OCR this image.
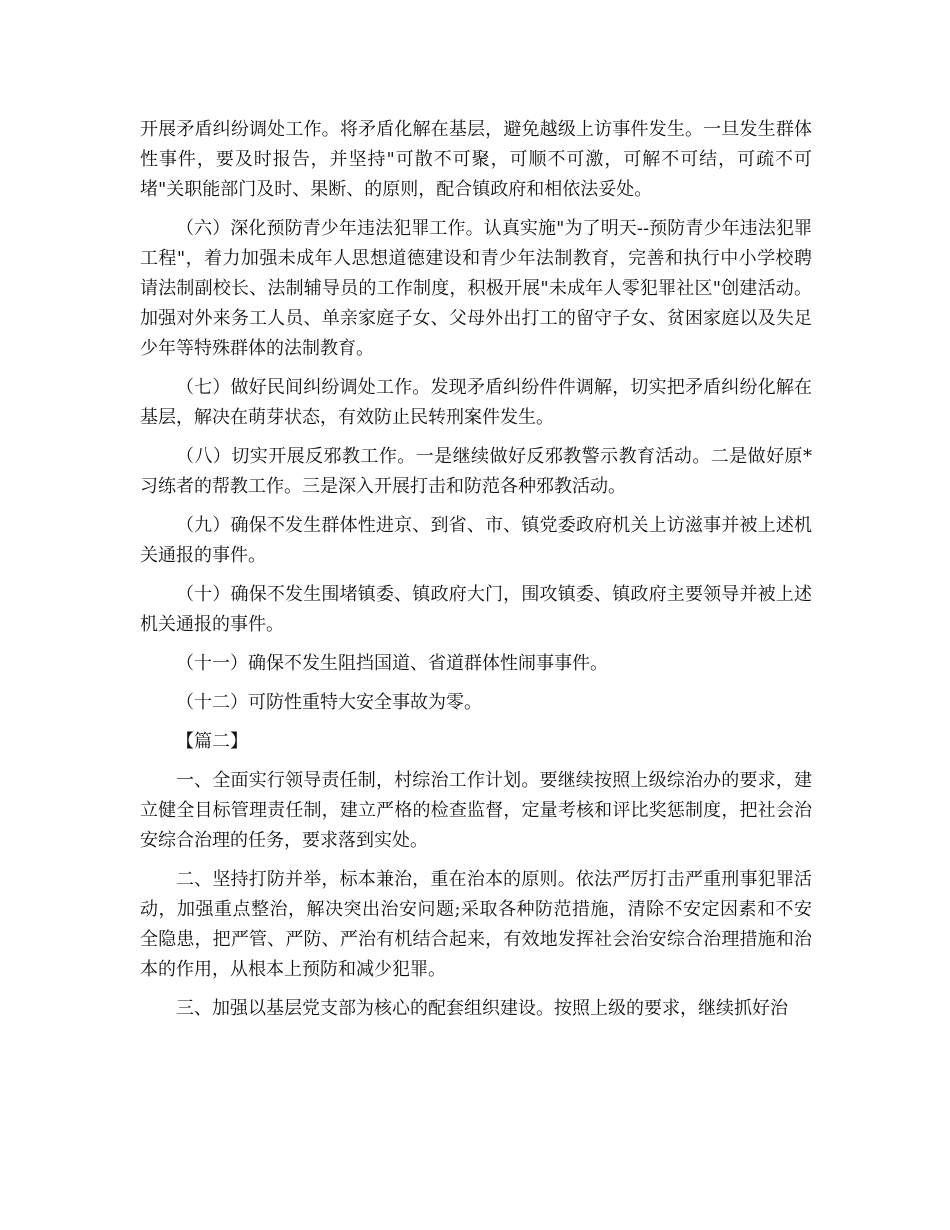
开展矛盾纠纷调处工作。将矛盾化解在基层，避免越级上访事件发生。一旦发生群体性事件，要及时报告，并坚持"可散不可聚，可顺不可激，可解不可结，可疏不可堵"关职能部门及时、果断、的原则，配合镇政府和相依法妥处。

（六）深化预防青少年违法犯罪工作。认真实施"为了明天--预防青少年违法犯罪工程"，着力加强未成年人思想道德建设和青少年法制教育，完善和执行中小学校聘请法制副校长、法制辅导员的工作制度，积极开展"未成年人零犯罪社区"创建活动。加强对外来务工人员、单亲家庭子女、父母外出打工的留守子女、贫困家庭以及失足少年等特殊群体的法制教育。

（七）做好民间纠纷调处工作。发现矛盾纠纷件件调解，切实把矛盾纠纷化解在基层，解决在萌芽状态，有效防止民转刑案件发生。

（八）切实开展反邪教工作。一是继续做好反邪教警示教育活动。二是做好原*习练者的帮教工作。三是深入开展打击和防范各种邪教活动。

（九）确保不发生群体性进京、到省、市、镇党委政府机关上访滋事并被上述机关通报的事件。

（十）确保不发生围堵镇委、镇政府大门，围攻镇委、镇政府主要领导并被上述机关通报的事件。

（十一）确保不发生阻挡国道、省道群体性闹事事件。

（十二）可防性重特大安全事故为零。

【篇二】

一、全面实行领导责任制，村综治工作计划。要继续按照上级综治办的要求，建立健全目标管理责任制，建立严格的检查监督，定量考核和评比奖惩制度，把社会治安综合治理的任务，要求落到实处。

二、坚持打防并举，标本兼治，重在治本的原则。依法严厉打击严重刑事犯罪活动，加强重点整治，解决突出治安问题;采取各种防范措施，清除不安定因素和不安全隐患，把严管、严防、严治有机结合起来，有效地发挥社会治安综合治理措施和治本的作用，从根本上预防和减少犯罪。

三、加强以基层党支部为核心的配套组织建设。按照上级的要求，继续抓好治
